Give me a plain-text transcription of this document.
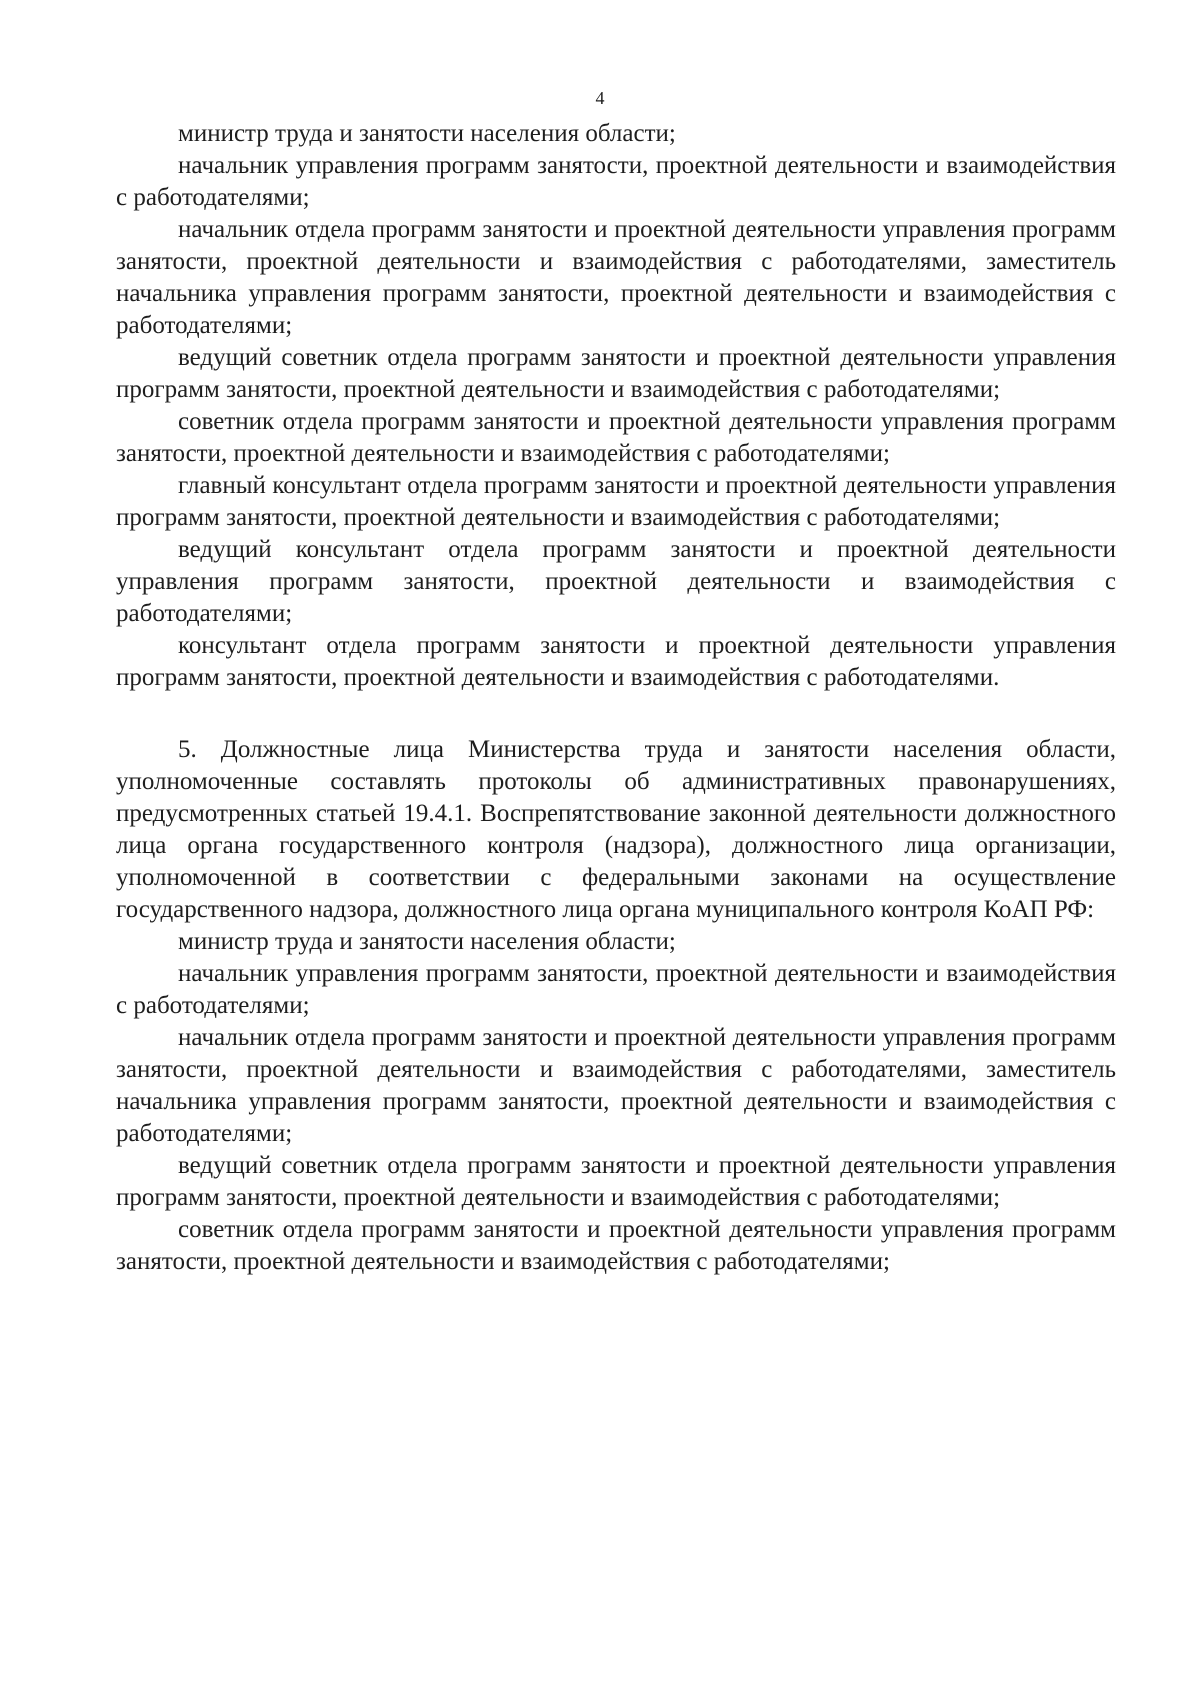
4

министр труда и занятости населения области;

начальник управления программ занятости, проектной деятельности и взаимодействия с работодателями;

начальник отдела программ занятости и проектной деятельности управления программ занятости, проектной деятельности и взаимодействия с работодателями, заместитель начальника управления программ занятости, проектной деятельности и взаимодействия с работодателями;

ведущий советник отдела программ занятости и проектной деятельности управления программ занятости, проектной деятельности и взаимодействия с работодателями;

советник отдела программ занятости и проектной деятельности управления программ занятости, проектной деятельности и взаимодействия с работодателями;

главный консультант отдела программ занятости и проектной деятельности управления программ занятости, проектной деятельности и взаимодействия с работодателями;

ведущий консультант отдела программ занятости и проектной деятельности управления программ занятости, проектной деятельности и взаимодействия с работодателями;

консультант отдела программ занятости и проектной деятельности управления программ занятости, проектной деятельности и взаимодействия с работодателями.

5. Должностные лица Министерства труда и занятости населения области, уполномоченные составлять протоколы об административных правонарушениях, предусмотренных статьей 19.4.1. Воспрепятствование законной деятельности должностного лица органа государственного контроля (надзора), должностного лица организации, уполномоченной в соответствии с федеральными законами на осуществление государственного надзора, должностного лица органа муниципального контроля КоАП РФ:

министр труда и занятости населения области;

начальник управления программ занятости, проектной деятельности и взаимодействия с работодателями;

начальник отдела программ занятости и проектной деятельности управления программ занятости, проектной деятельности и взаимодействия с работодателями, заместитель начальника управления программ занятости, проектной деятельности и взаимодействия с работодателями;

ведущий советник отдела программ занятости и проектной деятельности управления программ занятости, проектной деятельности и взаимодействия с работодателями;

советник отдела программ занятости и проектной деятельности управления программ занятости, проектной деятельности и взаимодействия с работодателями;
